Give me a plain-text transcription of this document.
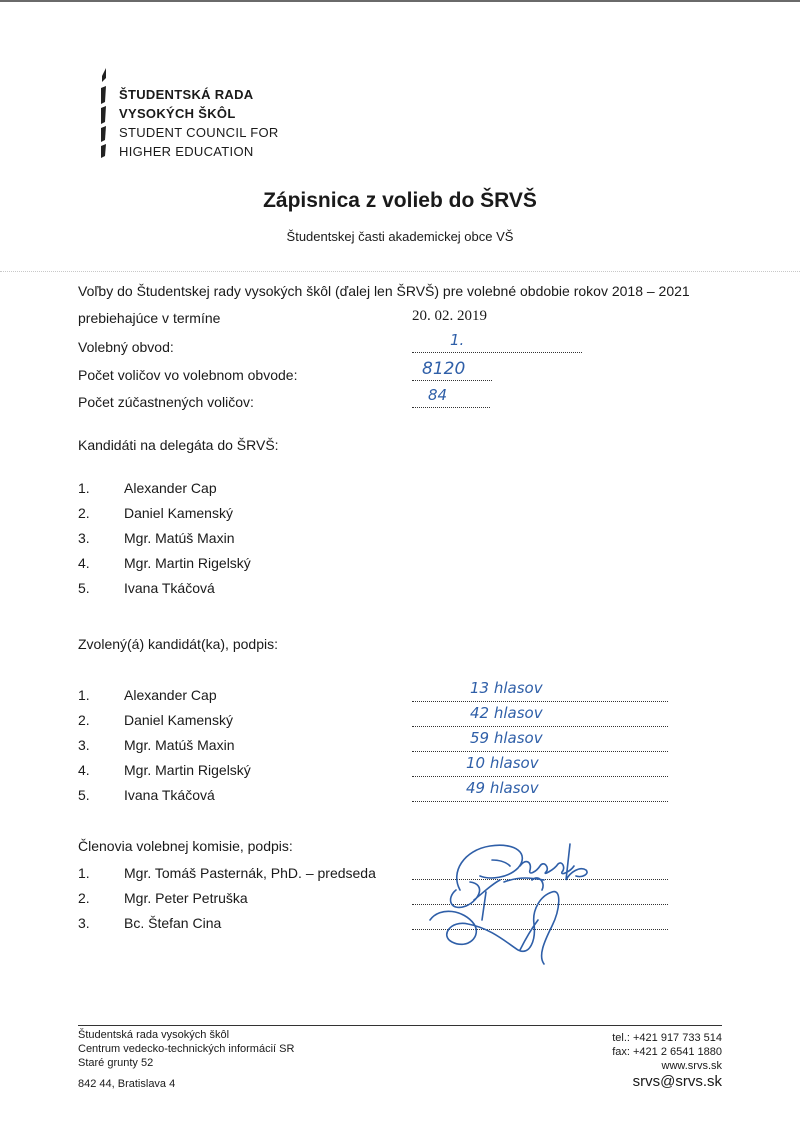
ŠTUDENTSKÁ RADA
VYSOKÝCH ŠKÔL
STUDENT COUNCIL FOR
HIGHER EDUCATION
Zápisnica z volieb do ŠRVŠ
Študentskej časti akademickej obce VŠ
Voľby do Študentskej rady vysokých škôl (ďalej len ŠRVŠ) pre volebné obdobie rokov 2018 – 2021
prebiehajúce v termíne	20. 02. 2019
Volebný obvod:	1.
Počet voličov vo volebnom obvode:	8120
Počet zúčastnených voličov:	84
Kandidáti na delegáta do ŠRVŠ:
1.	Alexander Cap
2.	Daniel Kamenský
3.	Mgr. Matúš Maxin
4.	Mgr. Martin Rigelský
5.	Ivana Tkáčová
Zvolený(á) kandidát(ka), podpis:
1.	Alexander Cap	13 hlasov
2.	Daniel Kamenský	42 hlasov
3.	Mgr. Matúš Maxin	59 hlasov
4.	Mgr. Martin Rigelský	10 hlasov
5.	Ivana Tkáčová	49 hlasov
Členovia volebnej komisie, podpis:
1.	Mgr. Tomáš Pasternák, PhD. – predseda
2.	Mgr. Peter Petruška
3.	Bc. Štefan Cina
Študentská rada vysokých škôl
Centrum vedecko-technických informácií SR
Staré grunty 52
842 44, Bratislava 4
tel.: +421 917 733 514
fax: +421 2 6541 1880
www.srvs.sk
srvs@srvs.sk
